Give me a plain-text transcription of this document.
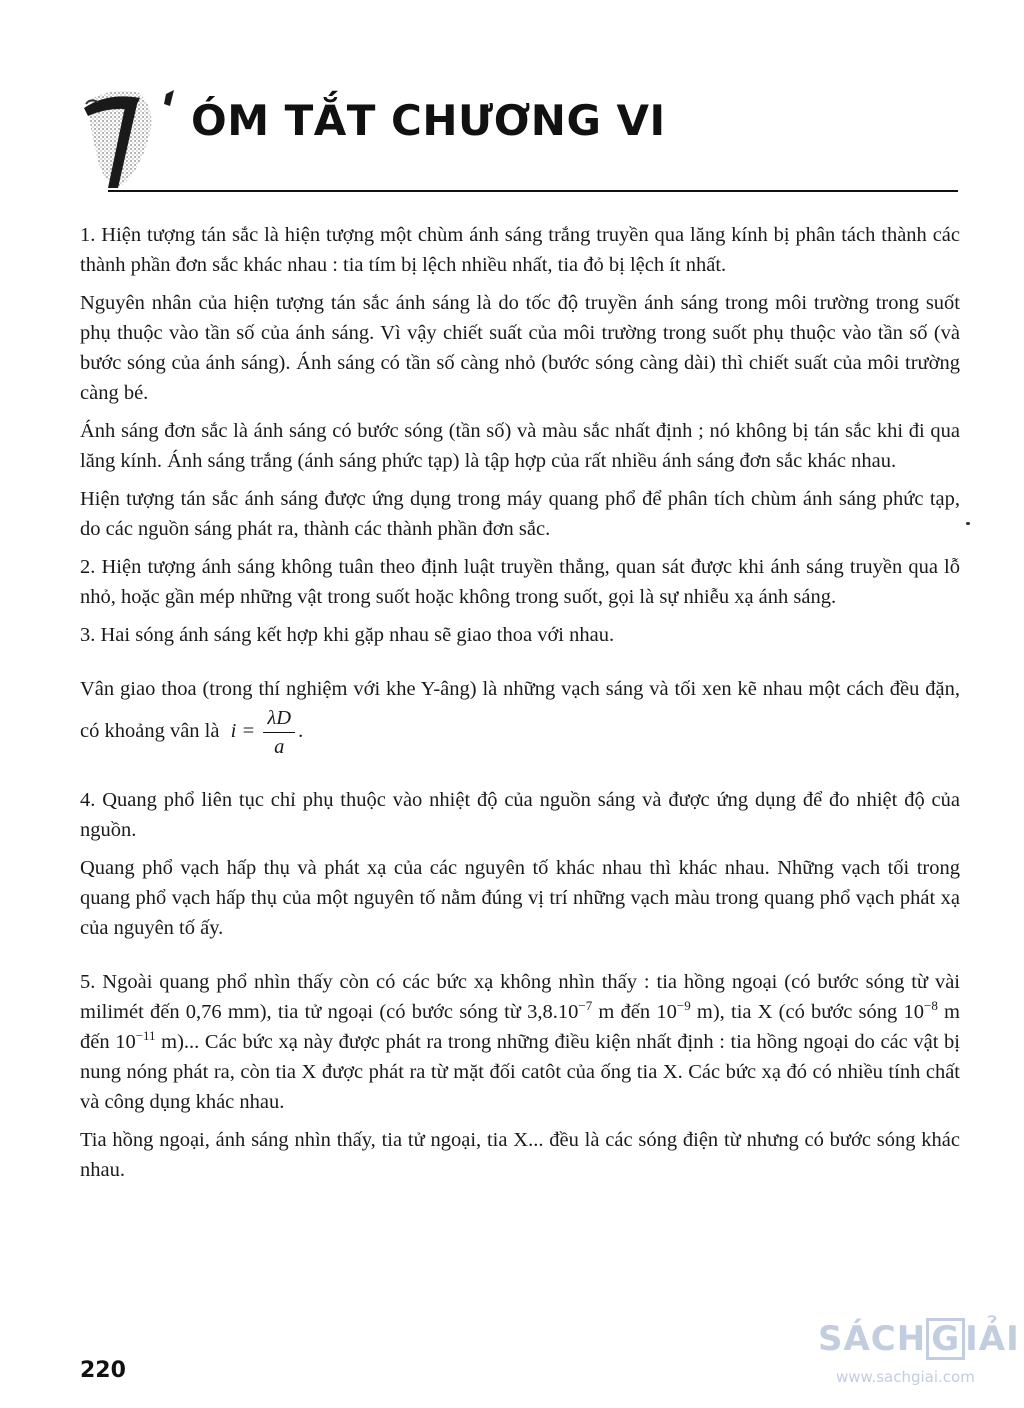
ÓM TẮT CHƯƠNG VI

1. Hiện tượng tán sắc là hiện tượng một chùm ánh sáng trắng truyền qua lăng kính bị phân tách thành các thành phần đơn sắc khác nhau : tia tím bị lệch nhiều nhất, tia đỏ bị lệch ít nhất.

Nguyên nhân của hiện tượng tán sắc ánh sáng là do tốc độ truyền ánh sáng trong môi trường trong suốt phụ thuộc vào tần số của ánh sáng. Vì vậy chiết suất của môi trường trong suốt phụ thuộc vào tần số (và bước sóng của ánh sáng). Ánh sáng có tần số càng nhỏ (bước sóng càng dài) thì chiết suất của môi trường càng bé.

Ánh sáng đơn sắc là ánh sáng có bước sóng (tần số) và màu sắc nhất định ; nó không bị tán sắc khi đi qua lăng kính. Ánh sáng trắng (ánh sáng phức tạp) là tập hợp của rất nhiều ánh sáng đơn sắc khác nhau.

Hiện tượng tán sắc ánh sáng được ứng dụng trong máy quang phổ để phân tích chùm ánh sáng phức tạp, do các nguồn sáng phát ra, thành các thành phần đơn sắc.

2. Hiện tượng ánh sáng không tuân theo định luật truyền thẳng, quan sát được khi ánh sáng truyền qua lỗ nhỏ, hoặc gần mép những vật trong suốt hoặc không trong suốt, gọi là sự nhiễu xạ ánh sáng.

3. Hai sóng ánh sáng kết hợp khi gặp nhau sẽ giao thoa với nhau.

Vân giao thoa (trong thí nghiệm với khe Y-âng) là những vạch sáng và tối xen kẽ nhau một cách đều đặn, có khoảng vân là $i = \frac{\lambda D}{a}$ .

4. Quang phổ liên tục chỉ phụ thuộc vào nhiệt độ của nguồn sáng và được ứng dụng để đo nhiệt độ của nguồn.

Quang phổ vạch hấp thụ và phát xạ của các nguyên tố khác nhau thì khác nhau. Những vạch tối trong quang phổ vạch hấp thụ của một nguyên tố nằm đúng vị trí những vạch màu trong quang phổ vạch phát xạ của nguyên tố ấy.

5. Ngoài quang phổ nhìn thấy còn có các bức xạ không nhìn thấy : tia hồng ngoại (có bước sóng từ vài milimét đến 0,76 mm), tia tử ngoại (có bước sóng từ $3,8.10^{-7}$ m đến $10^{-9}$ m), tia X (có bước sóng $10^{-8}$ m đến $10^{-11}$ m)... Các bức xạ này được phát ra trong những điều kiện nhất định : tia hồng ngoại do các vật bị nung nóng phát ra, còn tia X được phát ra từ mặt đối catôt của ống tia X. Các bức xạ đó có nhiều tính chất và công dụng khác nhau.

Tia hồng ngoại, ánh sáng nhìn thấy, tia tử ngoại, tia X... đều là các sóng điện từ nhưng có bước sóng khác nhau.

220
SÁCH G IẢI
www.sachgiai.com
